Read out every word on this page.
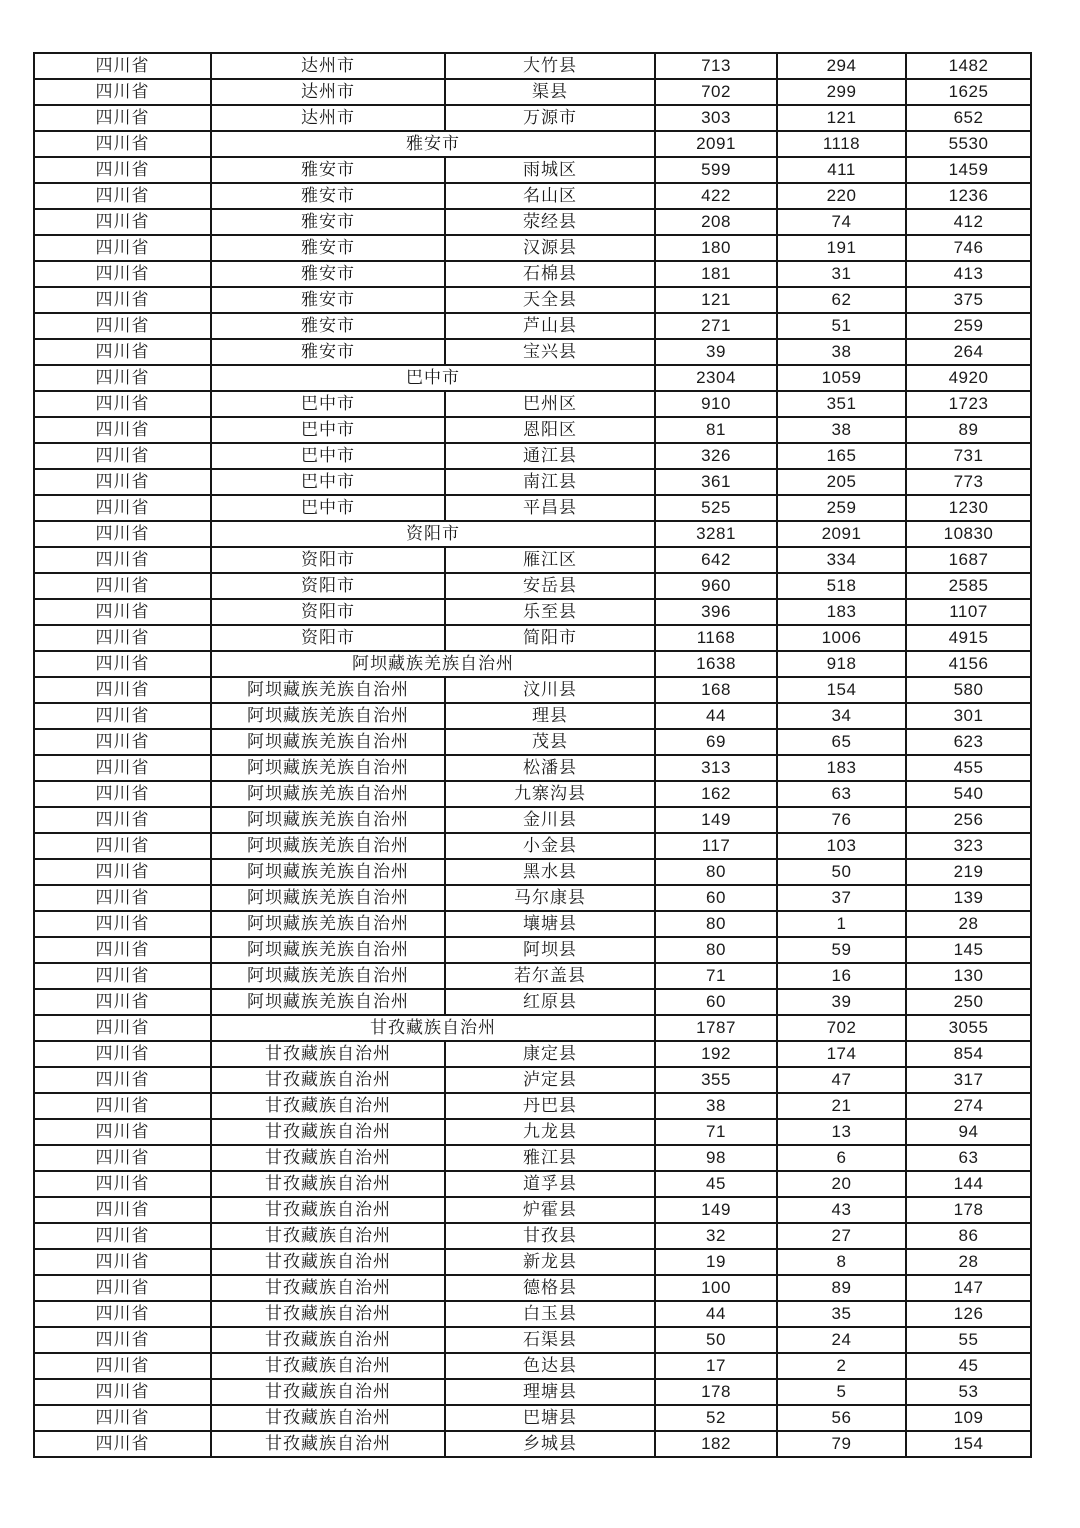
四川省	达州市	大竹县	713	294	1482
四川省	达州市	渠县	702	299	1625
四川省	达州市	万源市	303	121	652
四川省	雅安市		2091	1118	5530
四川省	雅安市	雨城区	599	411	1459
四川省	雅安市	名山区	422	220	1236
四川省	雅安市	荥经县	208	74	412
四川省	雅安市	汉源县	180	191	746
四川省	雅安市	石棉县	181	31	413
四川省	雅安市	天全县	121	62	375
四川省	雅安市	芦山县	271	51	259
四川省	雅安市	宝兴县	39	38	264
四川省	巴中市		2304	1059	4920
四川省	巴中市	巴州区	910	351	1723
四川省	巴中市	恩阳区	81	38	89
四川省	巴中市	通江县	326	165	731
四川省	巴中市	南江县	361	205	773
四川省	巴中市	平昌县	525	259	1230
四川省	资阳市		3281	2091	10830
四川省	资阳市	雁江区	642	334	1687
四川省	资阳市	安岳县	960	518	2585
四川省	资阳市	乐至县	396	183	1107
四川省	资阳市	简阳市	1168	1006	4915
四川省	阿坝藏族羌族自治州		1638	918	4156
四川省	阿坝藏族羌族自治州	汶川县	168	154	580
四川省	阿坝藏族羌族自治州	理县	44	34	301
四川省	阿坝藏族羌族自治州	茂县	69	65	623
四川省	阿坝藏族羌族自治州	松潘县	313	183	455
四川省	阿坝藏族羌族自治州	九寨沟县	162	63	540
四川省	阿坝藏族羌族自治州	金川县	149	76	256
四川省	阿坝藏族羌族自治州	小金县	117	103	323
四川省	阿坝藏族羌族自治州	黑水县	80	50	219
四川省	阿坝藏族羌族自治州	马尔康县	60	37	139
四川省	阿坝藏族羌族自治州	壤塘县	80	1	28
四川省	阿坝藏族羌族自治州	阿坝县	80	59	145
四川省	阿坝藏族羌族自治州	若尔盖县	71	16	130
四川省	阿坝藏族羌族自治州	红原县	60	39	250
四川省	甘孜藏族自治州		1787	702	3055
四川省	甘孜藏族自治州	康定县	192	174	854
四川省	甘孜藏族自治州	泸定县	355	47	317
四川省	甘孜藏族自治州	丹巴县	38	21	274
四川省	甘孜藏族自治州	九龙县	71	13	94
四川省	甘孜藏族自治州	雅江县	98	6	63
四川省	甘孜藏族自治州	道孚县	45	20	144
四川省	甘孜藏族自治州	炉霍县	149	43	178
四川省	甘孜藏族自治州	甘孜县	32	27	86
四川省	甘孜藏族自治州	新龙县	19	8	28
四川省	甘孜藏族自治州	德格县	100	89	147
四川省	甘孜藏族自治州	白玉县	44	35	126
四川省	甘孜藏族自治州	石渠县	50	24	55
四川省	甘孜藏族自治州	色达县	17	2	45
四川省	甘孜藏族自治州	理塘县	178	5	53
四川省	甘孜藏族自治州	巴塘县	52	56	109
四川省	甘孜藏族自治州	乡城县	182	79	154
